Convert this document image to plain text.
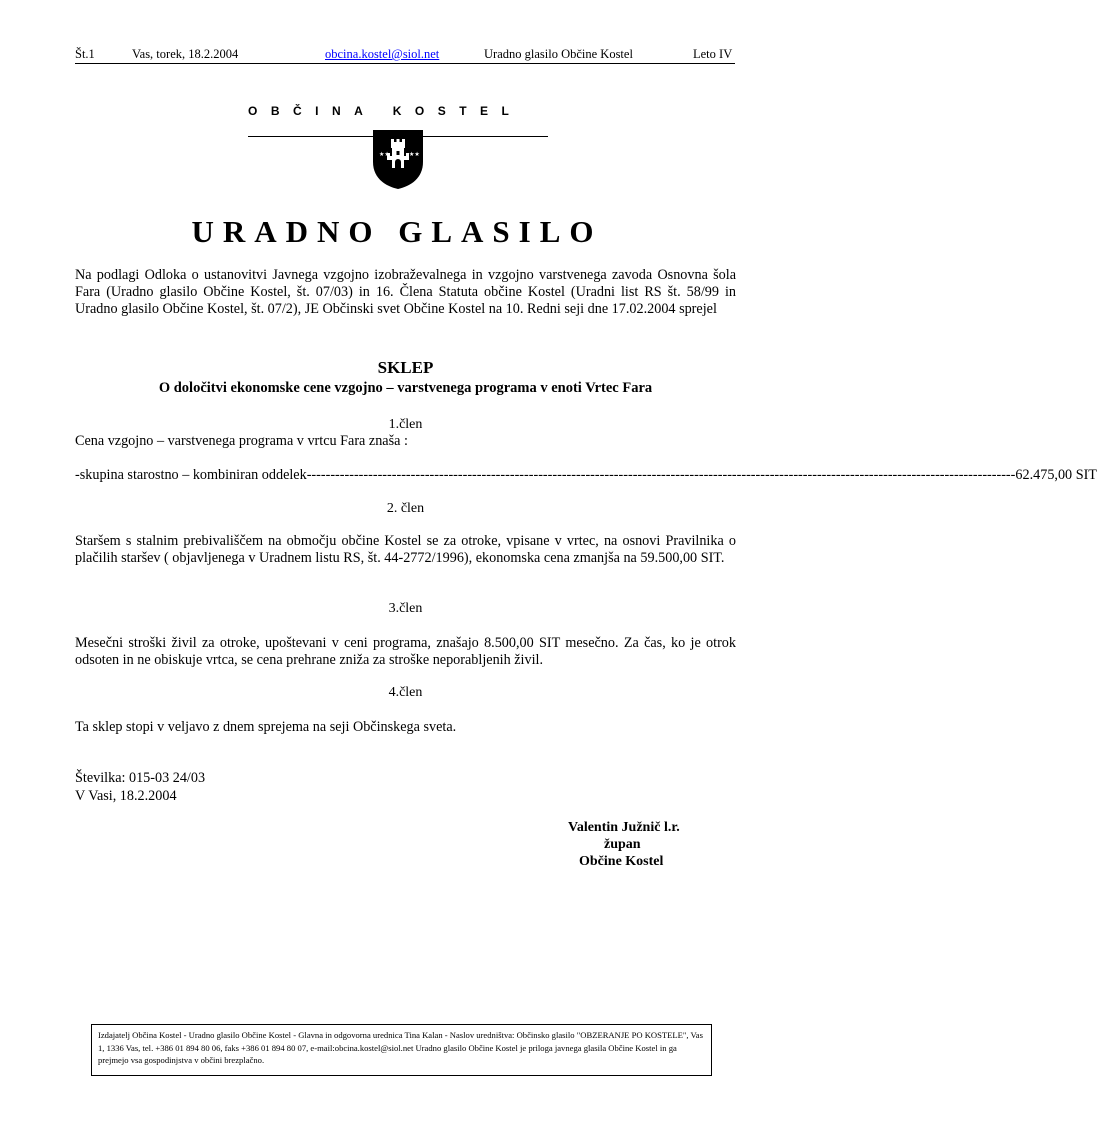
Št.1	Vas, torek, 18.2.2004	obcina.kostel@siol.net	Uradno glasilo Občine Kostel	Leto IV
OBČINA KOSTEL
★★	★★
URADNO GLASILO
Na podlagi Odloka o ustanovitvi Javnega vzgojno izobraževalnega in vzgojno varstvenega zavoda Osnovna šola Fara (Uradno glasilo Občine Kostel, št. 07/03) in 16. Člena Statuta občine Kostel (Uradni list RS št. 58/99 in Uradno glasilo Občine Kostel, št. 07/2), JE Občinski svet Občine Kostel na 10. Redni seji dne 17.02.2004 sprejel
SKLEP
O določitvi ekonomske cene vzgojno – varstvenega programa v enoti Vrtec Fara
1.člen
Cena vzgojno – varstvenega programa v vrtcu Fara znaša :
- skupina starostno – kombiniran oddelek ------------------------------------------------------------------------------------------------------------------------------------------------------ 62.475,00 SIT
2. člen
Staršem s stalnim prebivališčem na območju občine Kostel se za otroke, vpisane v vrtec, na osnovi Pravilnika o plačilih staršev ( objavljenega v Uradnem listu RS, št. 44-2772/1996), ekonomska cena zmanjša na 59.500,00 SIT.
3.člen
Mesečni stroški živil za otroke, upoštevani v ceni programa, znašajo 8.500,00 SIT mesečno. Za čas, ko je otrok odsoten in ne obiskuje vrtca, se cena prehrane zniža za stroške neporabljenih živil.
4.člen
Ta sklep stopi v veljavo z dnem sprejema na seji Občinskega sveta.
Številka: 015-03 24/03
V Vasi, 18.2.2004
Valentin Južnič l.r.
župan
Občine Kostel
Izdajatelj Občina Kostel - Uradno glasilo Občine Kostel - Glavna in odgovorna urednica Tina Kalan - Naslov uredništva: Občinsko glasilo "OBZERANJE PO KOSTELE", Vas 1, 1336 Vas, tel. +386 01 894 80 06, faks +386 01 894 80 07, e-mail:obcina.kostel@siol.net Uradno glasilo Občine Kostel je priloga javnega glasila Občine Kostel in ga prejmejo vsa gospodinjstva v občini brezplačno.
